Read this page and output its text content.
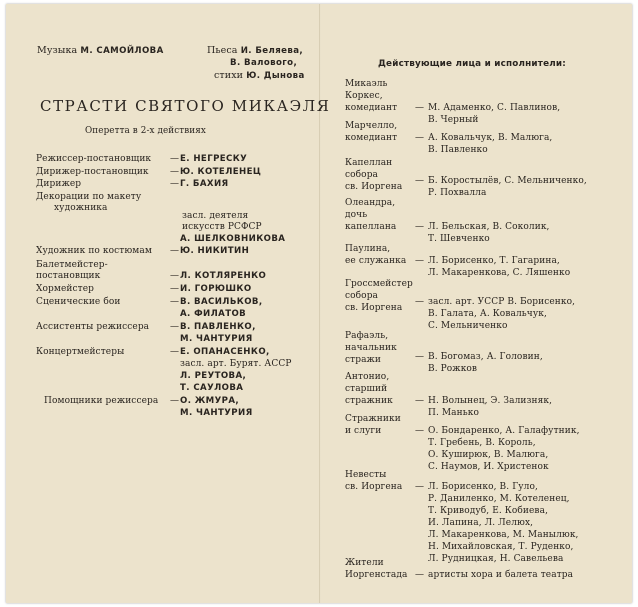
Музыка М. САМОЙЛОВА	Пьеса И. Беляева,
В. Валового,
стихи Ю. Дынова
СТРАСТИ СВЯТОГО МИКАЭЛЯ
Оперетта в 2-х действиях
Режиссер-постановщик — Е. НЕГРЕСКУ
Дирижер-постановщик — Ю. КОТЕЛЕНЕЦ
Дирижер	— Г. БАХИЯ
Декорации по макету
художника
засл. деятеля
искусств РСФСР
А. ШЕЛКОВНИКОВА
Художник по костюмам — Ю. НИКИТИН
Балетмейстер-
постановщик	— Л. КОТЛЯРЕНКО
Хормейстер	— И. ГОРЮШКО
Сценические бои	— В. ВАСИЛЬКОВ,
А. ФИЛАТОВ
Ассистенты режиссера — В. ПАВЛЕНКО,
М. ЧАНТУРИЯ
Концертмейстеры	— Е. ОПАНАСЕНКО,
засл. арт. Бурят. АССР
Л. РЕУТОВА,
Т. САУЛОВА
Помощники режиссера — О. ЖМУРА,
М. ЧАНТУРИЯ
Действующие лица и исполнители:
Микаэль
Коркес,
комедиант — М. Адаменко, С. Павлинов,
В. Черный
Марчелло,
комедиант — А. Ковальчук, В. Малюга,
В. Павленко
Капеллан
собора
св. Иоргена
— Б. Коростылёв, С. Мельниченко,
Р. Похвалла
Олеандра,
дочь
капеллана — Л. Бельская, В. Соколик,
Т. Шевченко
Паулина,
ее служанка — Л. Борисенко, Т. Гагарина,
Л. Макаренкова, С. Ляшенко
Гроссмейстер
собора
св. Иоргена
— засл. арт. УССР В. Борисенко,
В. Галата, А. Ковальчук,
С. Мельниченко
Рафаэль,
начальник
стражи	— В. Богомаз, А. Головин,
В. Рожков
Антонио,
старший
стражник — Н. Волынец, Э. Зализняк,
П. Манько
Стражники
и слуги	— О. Бондаренко, А. Галафутник,
Т. Гребень, В. Король,
О. Куширюк, В. Малюга,
С. Наумов, И. Христенок
Невесты
св. Иоргена — Л. Борисенко, В. Гуло,
Р. Даниленко, М. Котеленец,
Т. Криводуб, Е. Кобиева,
И. Лапина, Л. Лелюх,
Л. Макаренкова, М. Манылюк,
Н. Михайловская, Т. Руденко,
Л. Рудницкая, Н. Савельева
Жители
Иоргенстада — артисты хора и балета театра
